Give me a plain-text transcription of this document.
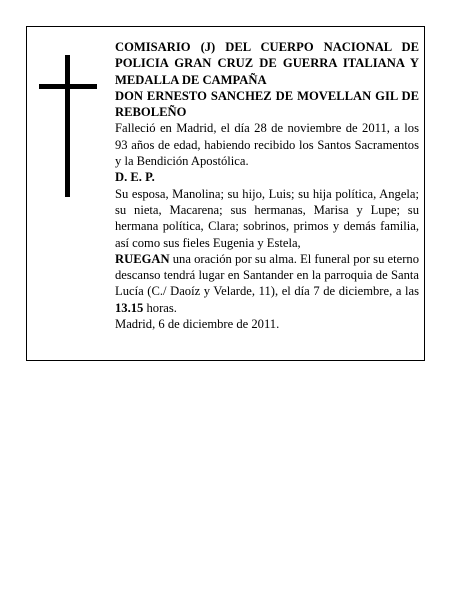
COMISARIO (J) DEL CUERPO NACIONAL DE POLICIA GRAN CRUZ DE GUERRA ITALIANA Y MEDALLA DE CAMPAÑA

DON ERNESTO SANCHEZ DE MOVELLAN GIL DE REBOLEÑO

Falleció en Madrid, el día 28 de noviembre de 2011, a los 93 años de edad, habiendo recibido los Santos Sacramentos y la Bendición Apostólica.

D. E. P.

Su esposa, Manolina; su hijo, Luis; su hija política, Angela; su nieta, Macarena; sus hermanas, Marisa y Lupe; su hermana política, Clara; sobrinos, primos y demás familia, así como sus fieles Eugenia y Estela,

RUEGAN una oración por su alma. El funeral por su eterno descanso tendrá lugar en Santander en la parroquia de Santa Lucía (C./ Daoíz y Velarde, 11), el día 7 de diciembre, a las 13.15 horas.

Madrid, 6 de diciembre de 2011.
